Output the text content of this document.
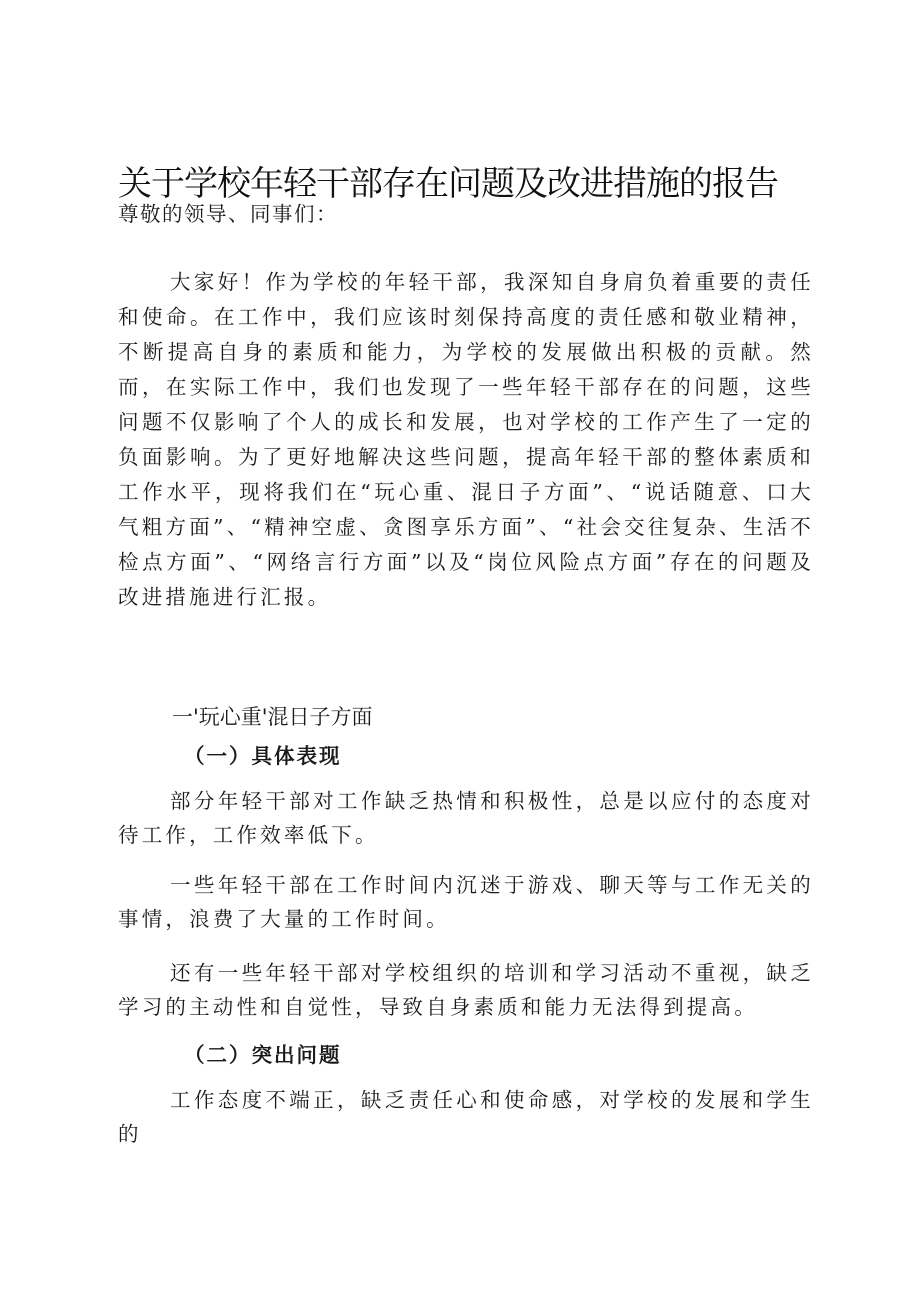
关于学校年轻干部存在问题及改进措施的报告

尊敬的领导、同事们：

大家好！作为学校的年轻干部，我深知自身肩负着重要的责任和使命。在工作中，我们应该时刻保持高度的责任感和敬业精神，不断提高自身的素质和能力，为学校的发展做出积极的贡献。然而，在实际工作中，我们也发现了一些年轻干部存在的问题，这些问题不仅影响了个人的成长和发展，也对学校的工作产生了一定的负面影响。为了更好地解决这些问题，提高年轻干部的整体素质和工作水平，现将我们在“玩心重、混日子方面”、“说话随意、口大气粗方面”、“精神空虚、贪图享乐方面”、“社会交往复杂、生活不检点方面”、“网络言行方面”以及“岗位风险点方面”存在的问题及改进措施进行汇报。

一'玩心重'混日子方面
（一）具体表现

部分年轻干部对工作缺乏热情和积极性，总是以应付的态度对待工作，工作效率低下。

一些年轻干部在工作时间内沉迷于游戏、聊天等与工作无关的事情，浪费了大量的工作时间。

还有一些年轻干部对学校组织的培训和学习活动不重视，缺乏学习的主动性和自觉性，导致自身素质和能力无法得到提高。

（二）突出问题

工作态度不端正，缺乏责任心和使命感，对学校的发展和学生的
